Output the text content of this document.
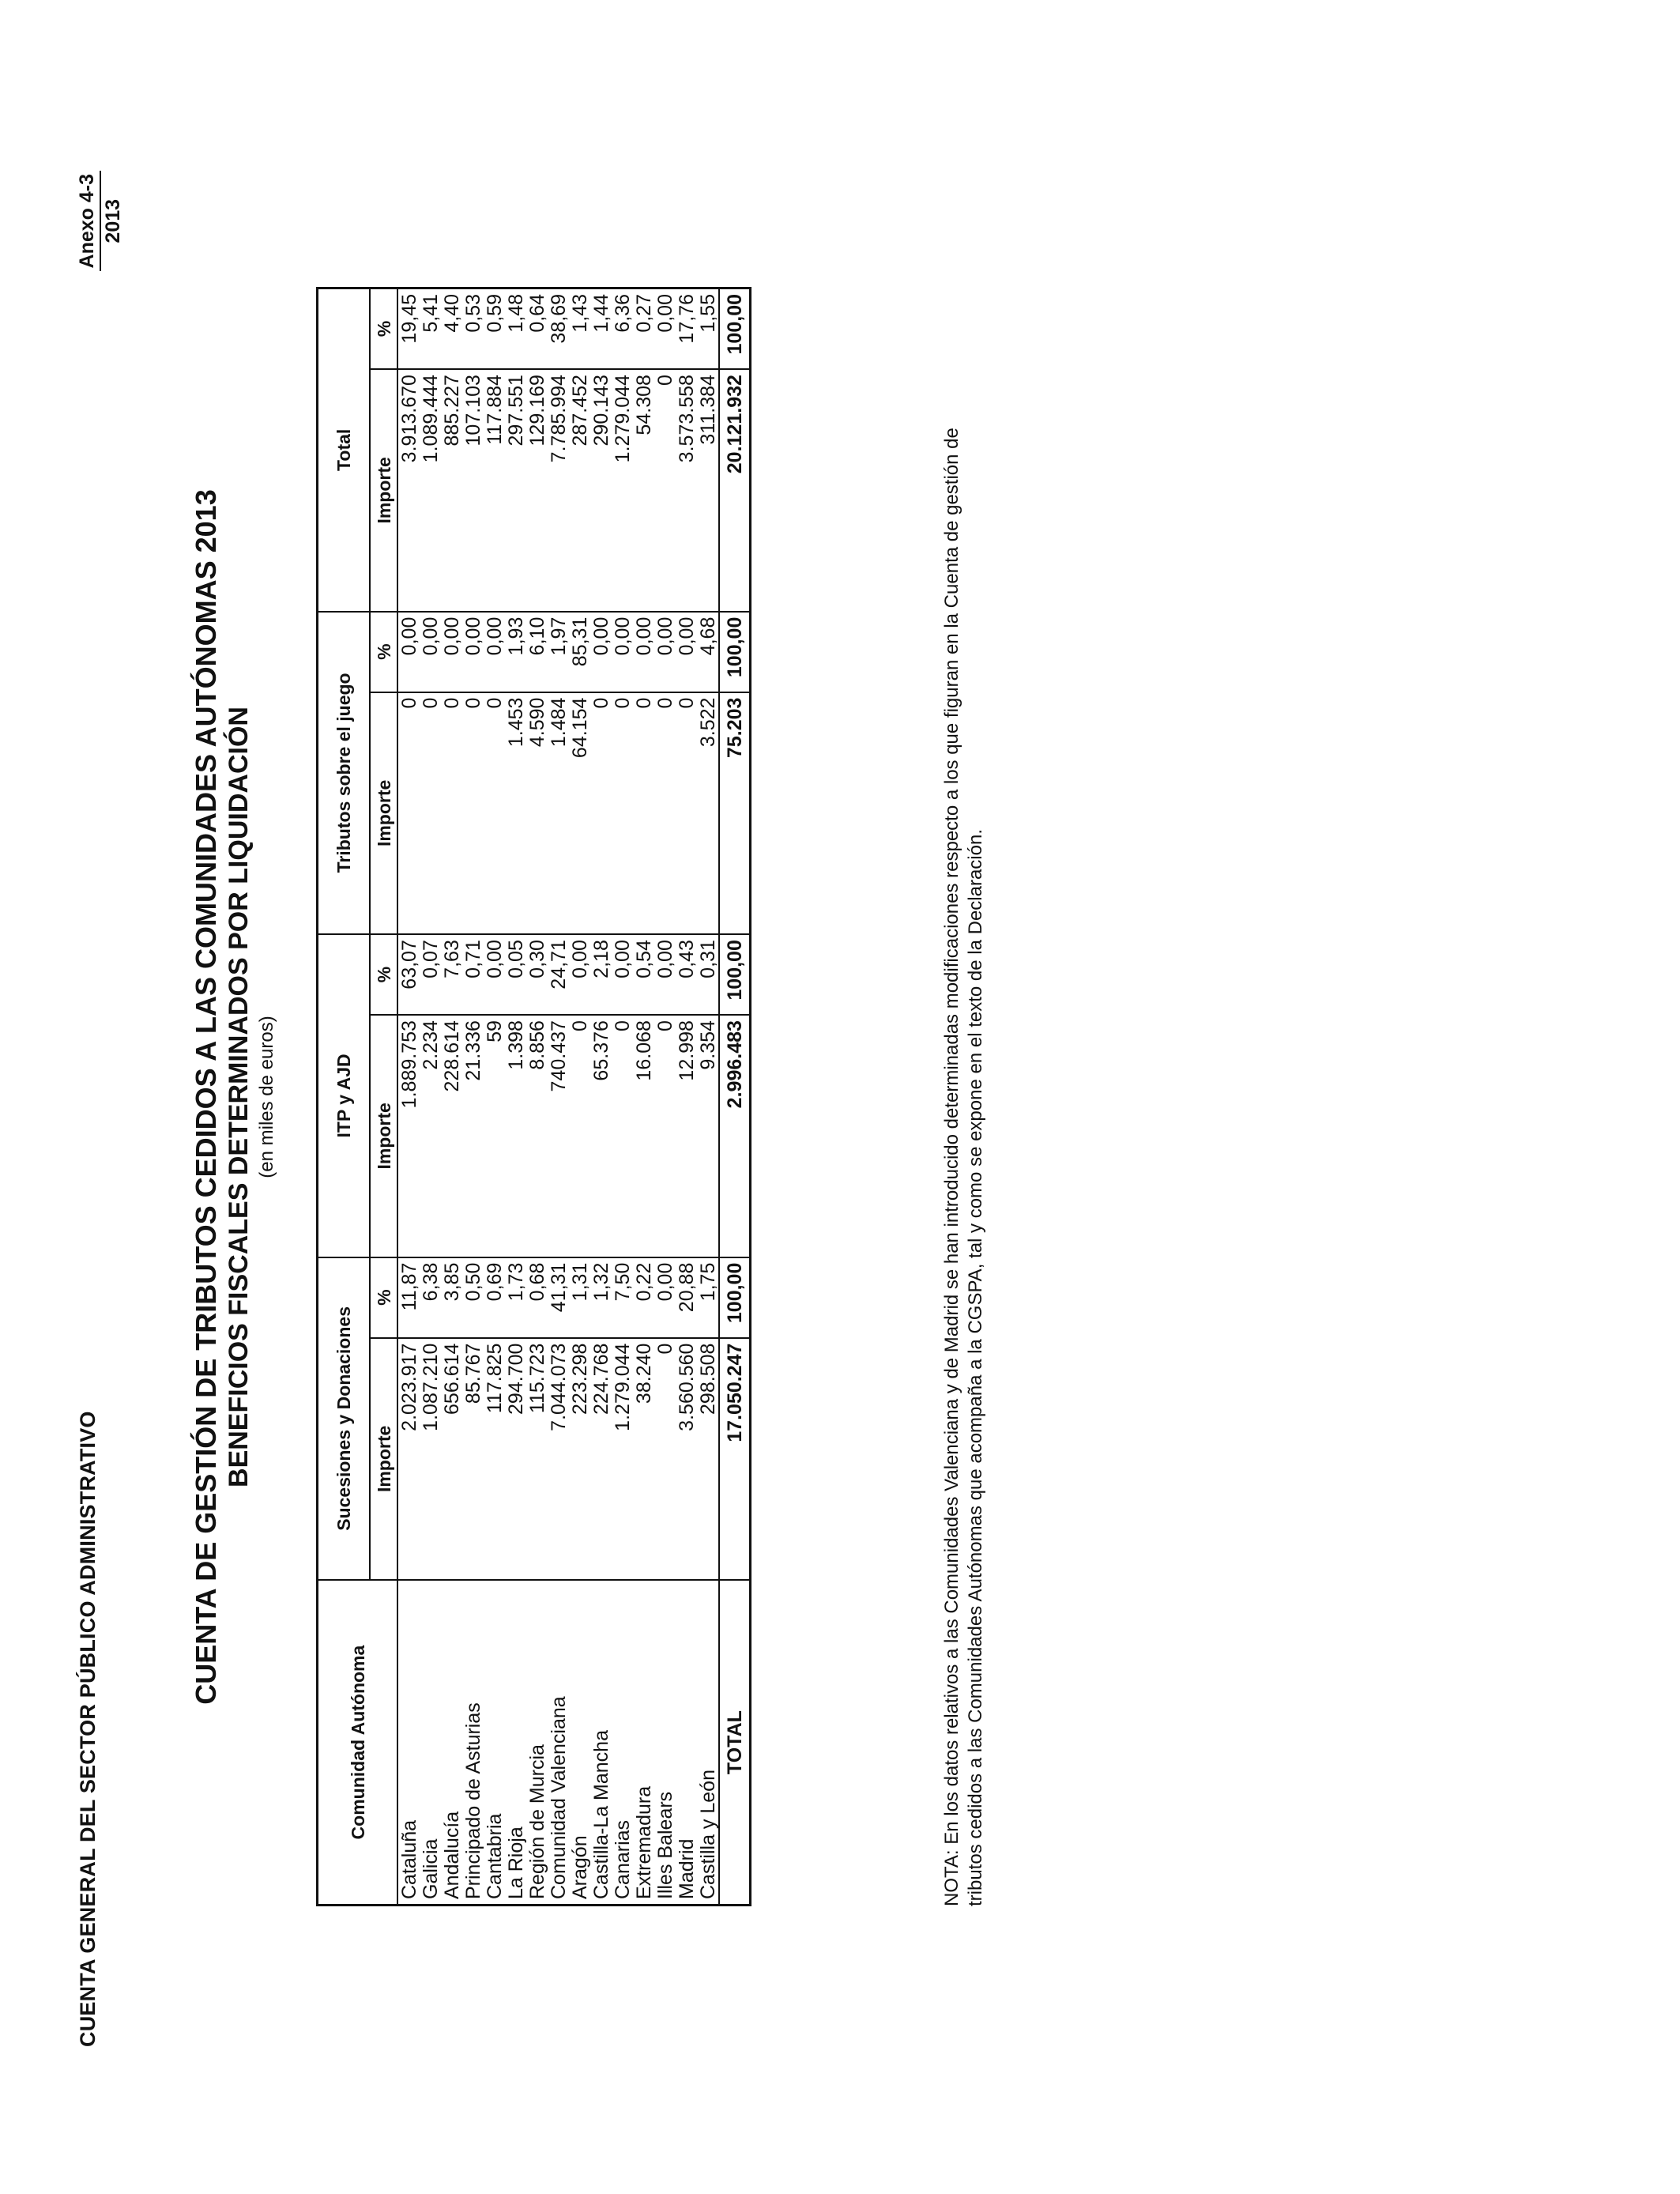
CUENTA GENERAL DEL SECTOR PÚBLICO ADMINISTRATIVO
Anexo 4-3 2013
CUENTA DE GESTIÓN DE TRIBUTOS CEDIDOS A LAS COMUNIDADES AUTÓNOMAS 2013 BENEFICIOS FISCALES DETERMINADOS POR LIQUIDACIÓN (en miles de euros)
Comunidad Autónoma	Sucesiones y Donaciones		ITP y AJD		Tributos sobre el juego		Total	
	Importe	%	Importe	%	Importe	%	Importe	%
Cataluña	2.023.917	11,87	1.889.753	63,07	0	0,00	3.913.670	19,45
Galicia	1.087.210	6,38	2.234	0,07	0	0,00	1.089.444	5,41
Andalucía	656.614	3,85	228.614	7,63	0	0,00	885.227	4,40
Principado de Asturias	85.767	0,50	21.336	0,71	0	0,00	107.103	0,53
Cantabria	117.825	0,69	59	0,00	0	0,00	117.884	0,59
La Rioja	294.700	1,73	1.398	0,05	1.453	1,93	297.551	1,48
Región de Murcia	115.723	0,68	8.856	0,30	4.590	6,10	129.169	0,64
Comunidad Valenciana	7.044.073	41,31	740.437	24,71	1.484	1,97	7.785.994	38,69
Aragón	223.298	1,31	0	0,00	64.154	85,31	287.452	1,43
Castilla-La Mancha	224.768	1,32	65.376	2,18	0	0,00	290.143	1,44
Canarias	1.279.044	7,50	0	0,00	0	0,00	1.279.044	6,36
Extremadura	38.240	0,22	16.068	0,54	0	0,00	54.308	0,27
Illes Balears	0	0,00	0	0,00	0	0,00	0	0,00
Madrid	3.560.560	20,88	12.998	0,43	0	0,00	3.573.558	17,76
Castilla y León	298.508	1,75	9.354	0,31	3.522	4,68	311.384	1,55
TOTAL	17.050.247	100,00	2.996.483	100,00	75.203	100,00	20.121.932	100,00
NOTA: En los datos relativos a las Comunidades Valenciana y de Madrid se han introducido determinadas modificaciones respecto a los que figuran en la Cuenta de gestión de tributos cedidos a las Comunidades Autónomas que acompaña a la CGSPA, tal y como se expone en el texto de la Declaración.
